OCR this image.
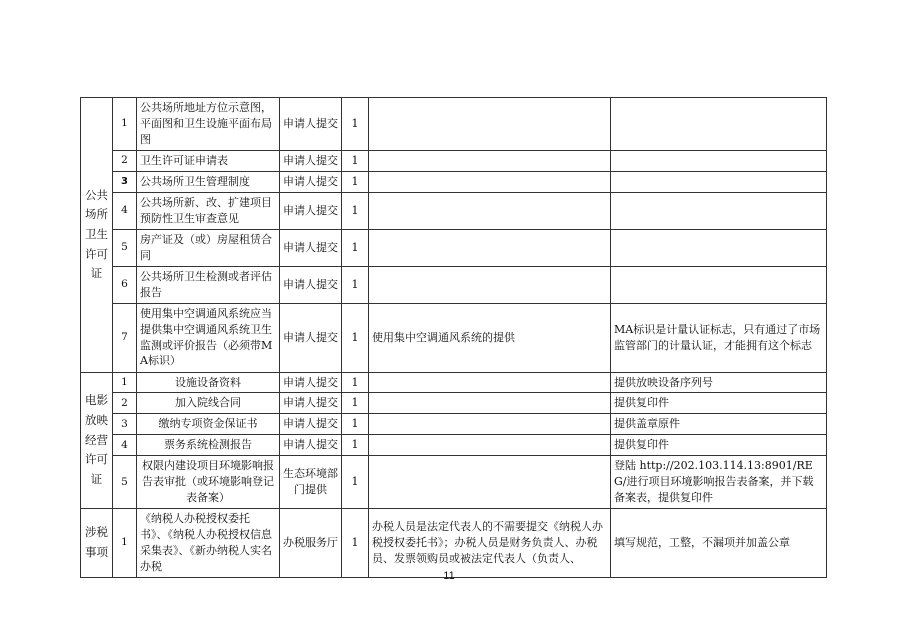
公共场所卫生许可证	1	公共场所地址方位示意图，平面图和卫生设施平面布局图	申请人提交	1		
	2	卫生许可证申请表	申请人提交	1		
	3	公共场所卫生管理制度	申请人提交	1		
	4	公共场所新、改、扩建项目预防性卫生审查意见	申请人提交	1		
	5	房产证及（或）房屋租赁合同	申请人提交	1		
	6	公共场所卫生检测或者评估报告	申请人提交	1		
	7	使用集中空调通风系统应当提供集中空调通风系统卫生监测或评价报告（必须带MA标识）	申请人提交	1	使用集中空调通风系统的提供	MA标识是计量认证标志，只有通过了市场监管部门的计量认证，才能拥有这个标志
电影放映经营许可证	1	设施设备资料	申请人提交	1		提供放映设备序列号
	2	加入院线合同	申请人提交	1		提供复印件
	3	缴纳专项资金保证书	申请人提交	1		提供盖章原件
	4	票务系统检测报告	申请人提交	1		提供复印件
	5	权限内建设项目环境影响报告表审批（或环境影响登记表备案）	生态环境部门提供	1		登陆 http://202.103.114.13:8901/REG/进行项目环境影响报告表备案，并下载备案表，提供复印件
涉税事项	1	《纳税人办税授权委托书》、《纳税人办税授权信息采集表》、《新办纳税人实名办税	办税服务厅	1	办税人员是法定代表人的不需要提交《纳税人办税授权委托书》；办税人员是财务负责人、办税员、发票领购员或被法定代表人（负责人、	填写规范，工整，不漏项并加盖公章
11
